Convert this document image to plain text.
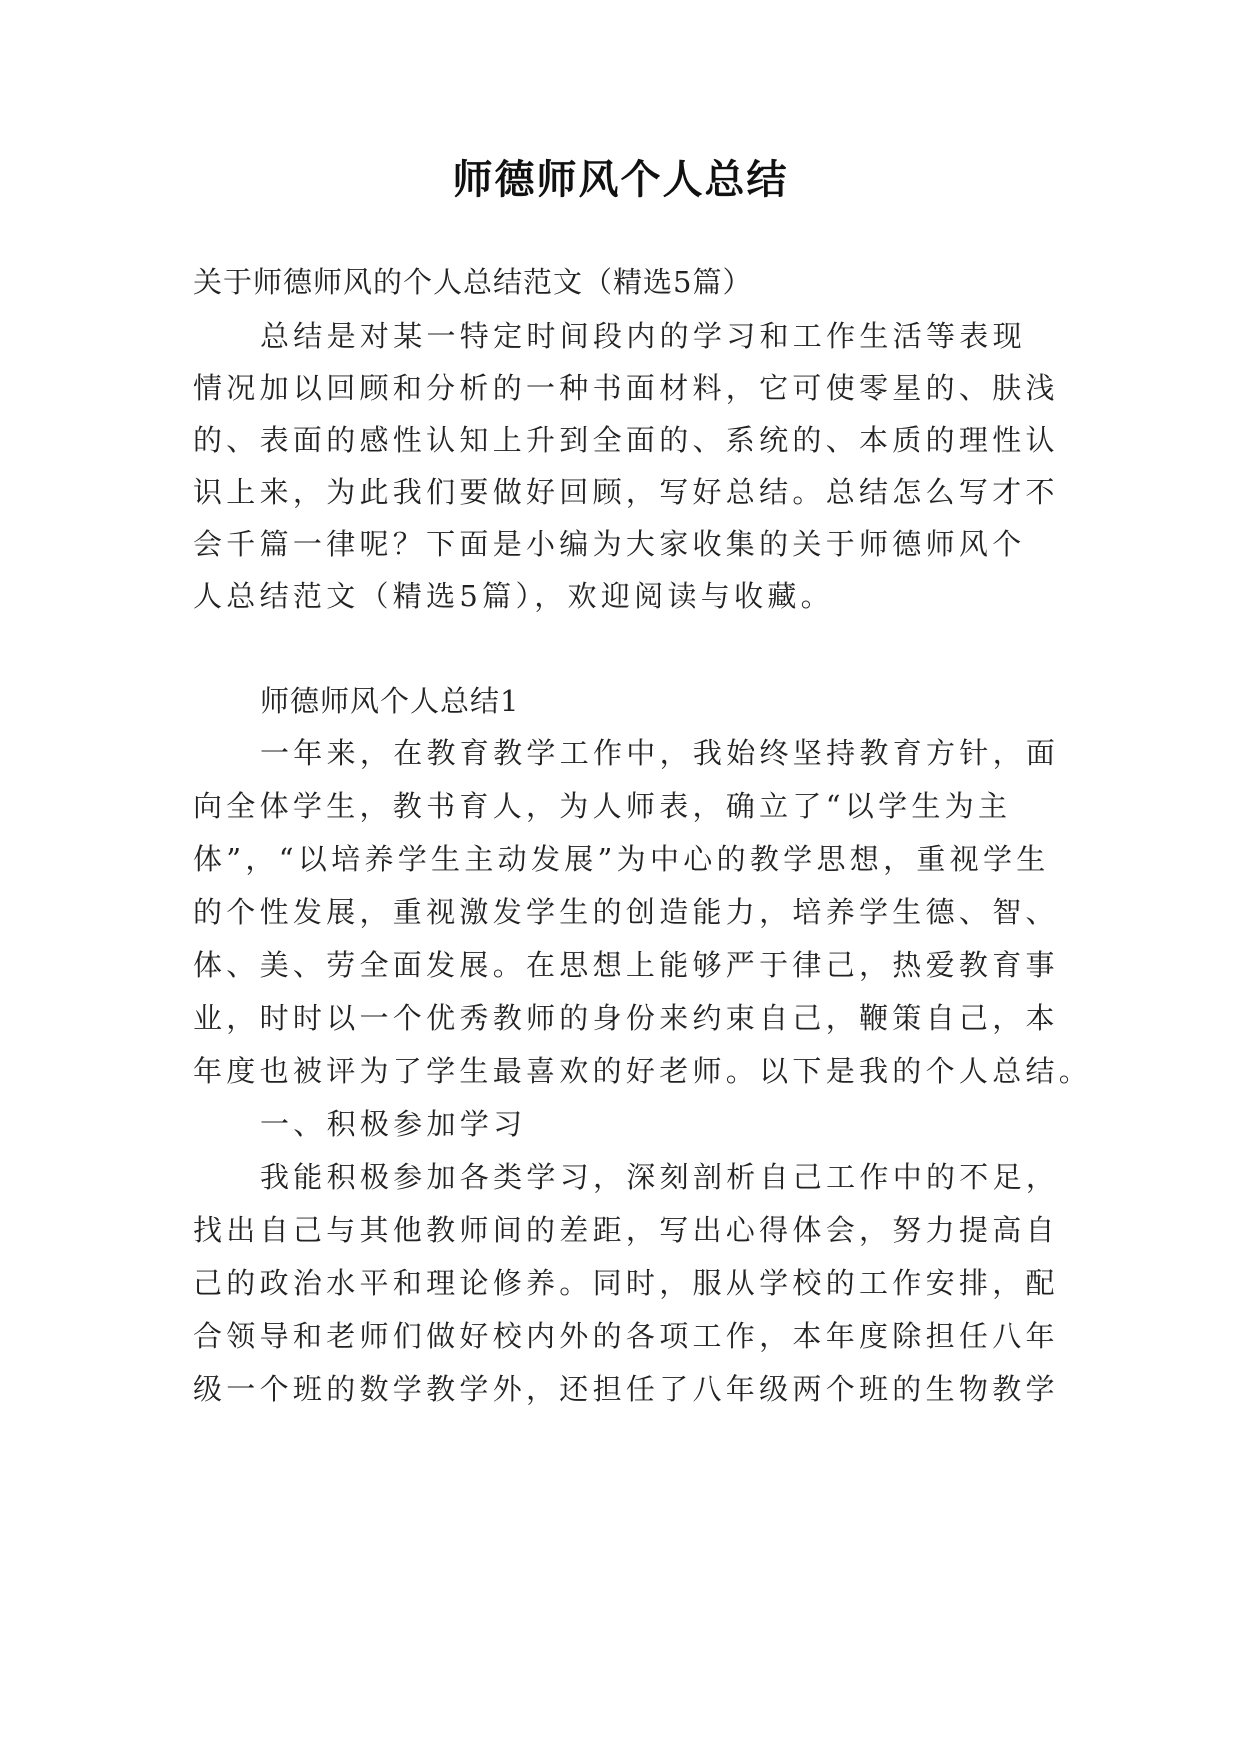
师德师风个人总结
关于师德师风的个人总结范文（精选5篇）
总结是对某一特定时间段内的学习和工作生活等表现
情况加以回顾和分析的一种书面材料，它可使零星的、肤浅
的、表面的感性认知上升到全面的、系统的、本质的理性认
识上来，为此我们要做好回顾，写好总结。总结怎么写才不
会千篇一律呢？下面是小编为大家收集的关于师德师风个
人总结范文（精选5篇），欢迎阅读与收藏。
师德师风个人总结1
一年来，在教育教学工作中，我始终坚持教育方针，面
向全体学生，教书育人，为人师表，确立了“以学生为主
体”，“以培养学生主动发展”为中心的教学思想，重视学生
的个性发展，重视激发学生的创造能力，培养学生德、智、
体、美、劳全面发展。在思想上能够严于律己，热爱教育事
业，时时以一个优秀教师的身份来约束自己，鞭策自己，本
年度也被评为了学生最喜欢的好老师。以下是我的个人总结。
一、积极参加学习
我能积极参加各类学习，深刻剖析自己工作中的不足，
找出自己与其他教师间的差距，写出心得体会，努力提高自
己的政治水平和理论修养。同时，服从学校的工作安排，配
合领导和老师们做好校内外的各项工作，本年度除担任八年
级一个班的数学教学外，还担任了八年级两个班的生物教学
